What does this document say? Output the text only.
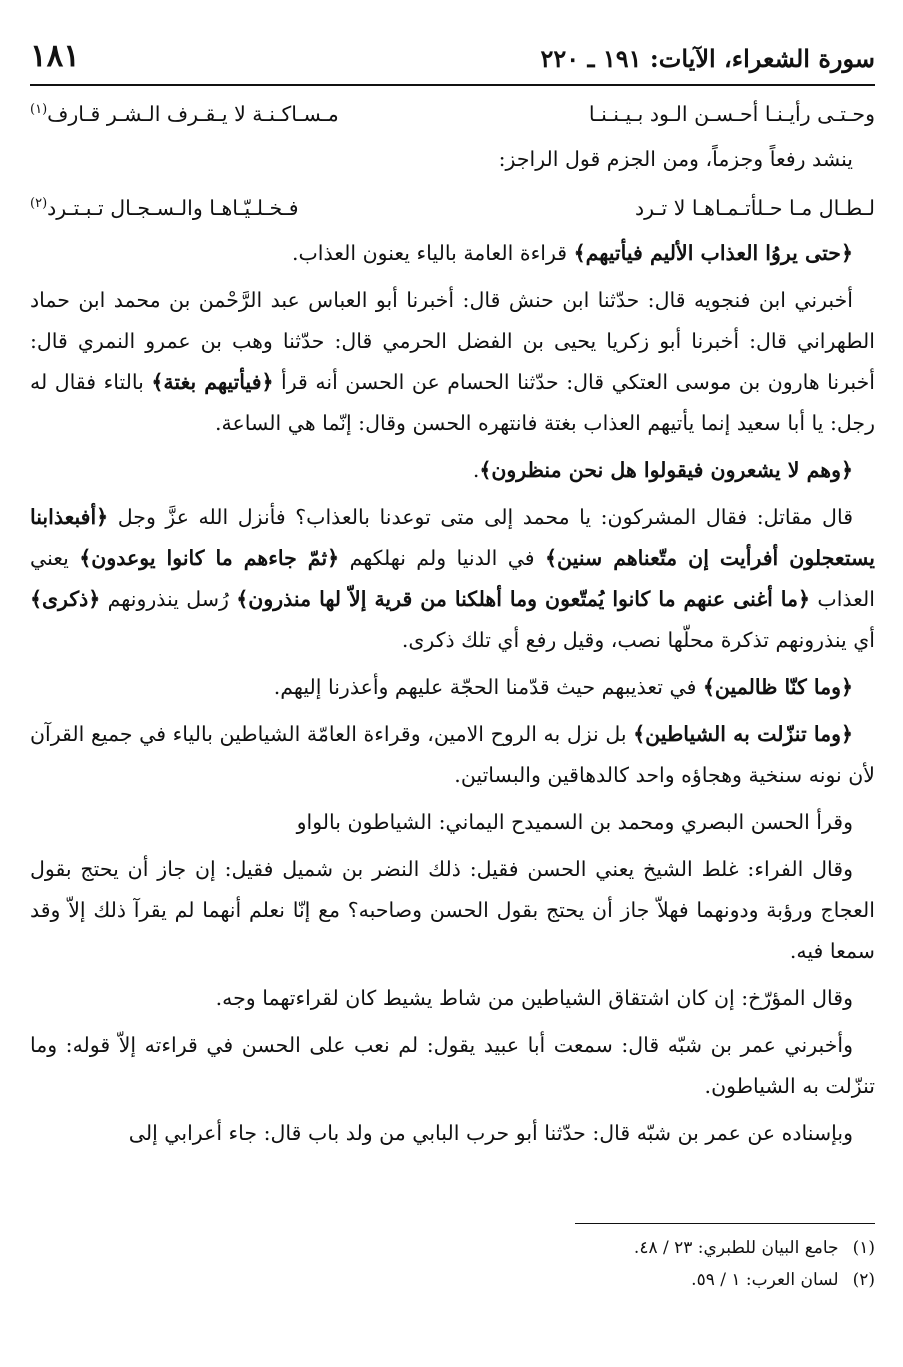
سورة الشعراء، الآيات: ١٩١ ـ ٢٢٠
١٨١
وحـتـى رأيـنـا أحـسـن الـود بـيـنـنـا
مـسـاكـنـة لا يـقـرف الـشـر قـارف$^{(١)}$

ينشد رفعاً وجزماً، ومن الجزم قول الراجز:

لـطـال مـا حـلأتـمـاهـا لا تـرد
فـخـلـيّـاهـا والـسـجـال تـبـتـرد$^{(٢)}$

﴿حتى يروُا العذاب الأليم فيأتيهم﴾ قراءة العامة بالياء يعنون العذاب.

أخبرني ابن فنجويه قال: حدّثنا ابن حنش قال: أخبرنا أبو العباس عبد الرَّحْمن بن محمد ابن حماد الطهراني قال: أخبرنا أبو زكريا يحيى بن الفضل الحرمي قال: حدّثنا وهب بن عمرو النمري قال: أخبرنا هارون بن موسى العتكي قال: حدّثنا الحسام عن الحسن أنه قرأ ﴿فيأتيهم بغتة﴾ بالتاء فقال له رجل: يا أبا سعيد إنما يأتيهم العذاب بغتة فانتهره الحسن وقال: إنّما هي الساعة.

﴿وهم لا يشعرون فيقولوا هل نحن منظرون﴾.

قال مقاتل: فقال المشركون: يا محمد إلى متى توعدنا بالعذاب؟ فأنزل الله عزَّ وجل ﴿أفبعذابنا يستعجلون أفرأيت إن متّعناهم سنين﴾ في الدنيا ولم نهلكهم ﴿ثمّ جاءهم ما كانوا يوعدون﴾ يعني العذاب ﴿ما أغنى عنهم ما كانوا يُمتّعون وما أهلكنا من قرية إلاّ لها منذرون﴾ رُسل ينذرونهم ﴿ذكرى﴾ أي ينذرونهم تذكرة محلّها نصب، وقيل رفع أي تلك ذكرى.

﴿وما كنّا ظالمين﴾ في تعذيبهم حيث قدّمنا الحجّة عليهم وأعذرنا إليهم.

﴿وما تنزّلت به الشياطين﴾ بل نزل به الروح الامين، وقراءة العامّة الشياطين بالياء في جميع القرآن لأن نونه سنخية وهجاؤه واحد كالدهاقين والبساتين.

وقرأ الحسن البصري ومحمد بن السميدح اليماني: الشياطون بالواو

وقال الفراء: غلط الشيخ يعني الحسن فقيل: ذلك النضر بن شميل فقيل: إن جاز أن يحتج بقول العجاج ورؤبة ودونهما فهلاّ جاز أن يحتج بقول الحسن وصاحبه؟ مع إنّا نعلم أنهما لم يقرآ ذلك إلاّ وقد سمعا فيه.

وقال المؤرّخ: إن كان اشتقاق الشياطين من شاط يشيط كان لقراءتهما وجه.

وأخبرني عمر بن شبّه قال: سمعت أبا عبيد يقول: لم نعب على الحسن في قراءته إلاّ قوله: وما تنزّلت به الشياطون.

وبإسناده عن عمر بن شبّه قال: حدّثنا أبو حرب البابي من ولد باب قال: جاء أعرابي إلى

(١)
جامع البيان للطبري: ٢٣ / ٤٨.
(٢)
لسان العرب: ١ / ٥٩.
